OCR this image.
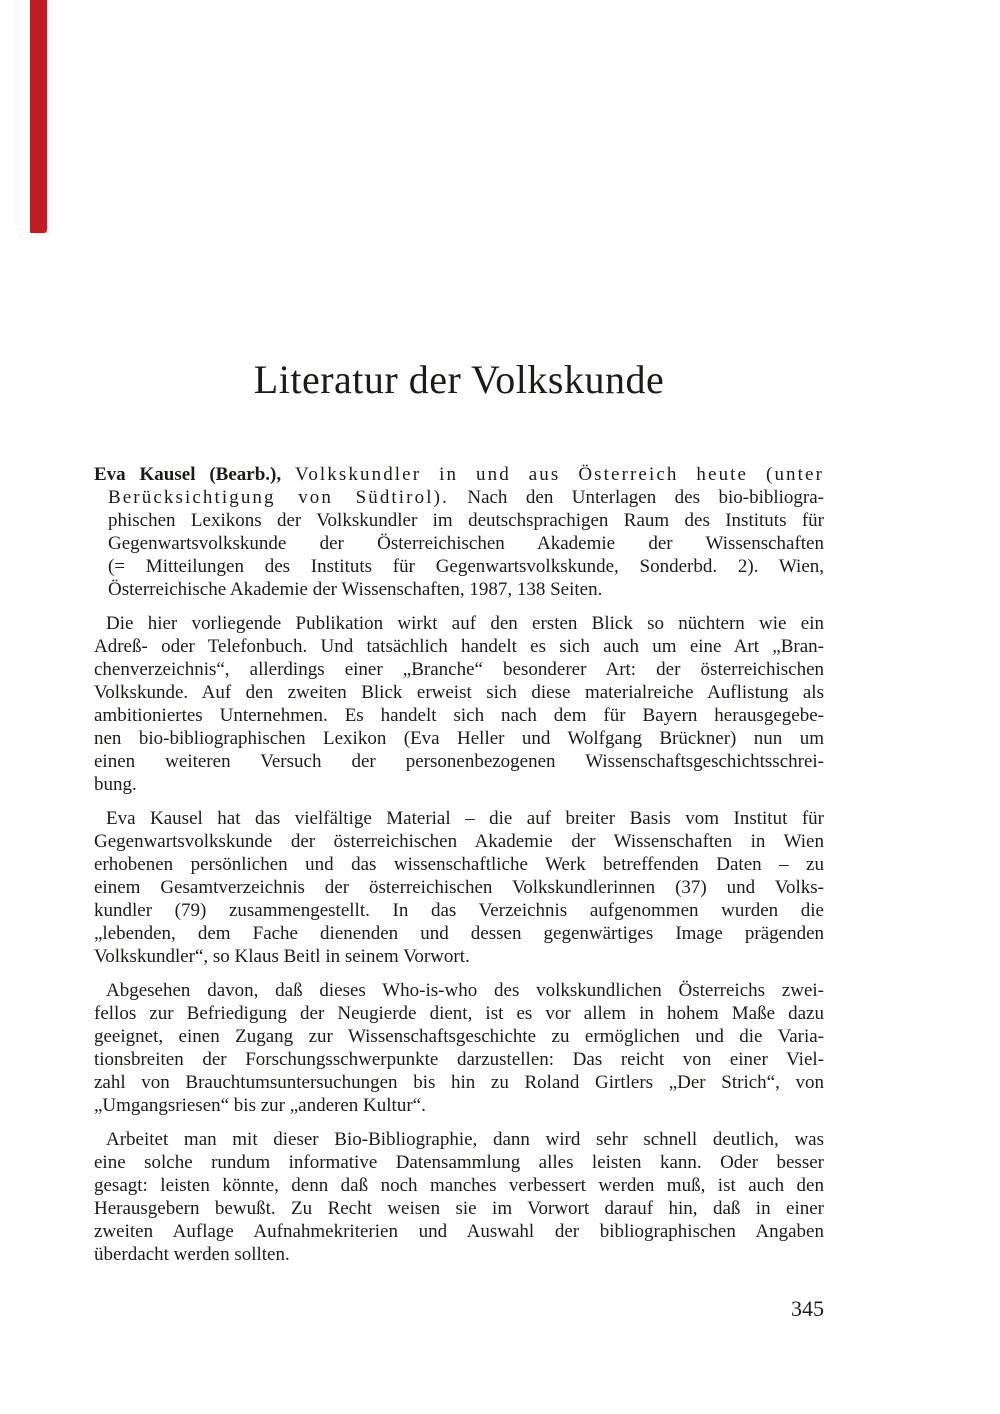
Literatur der Volkskunde
Eva Kausel (Bearb.), Volkskundler in und aus Österreich heute (unter
Berücksichtigung von Südtirol). Nach den Unterlagen des bio-bibliogra-
phischen Lexikons der Volkskundler im deutschsprachigen Raum des Instituts für
Gegenwartsvolkskunde der Österreichischen Akademie der Wissenschaften
(= Mitteilungen des Instituts für Gegenwartsvolkskunde, Sonderbd. 2). Wien,
Österreichische Akademie der Wissenschaften, 1987, 138 Seiten.
Die hier vorliegende Publikation wirkt auf den ersten Blick so nüchtern wie ein
Adreß- oder Telefonbuch. Und tatsächlich handelt es sich auch um eine Art „Bran-
chenverzeichnis“, allerdings einer „Branche“ besonderer Art: der österreichischen
Volkskunde. Auf den zweiten Blick erweist sich diese materialreiche Auflistung als
ambitioniertes Unternehmen. Es handelt sich nach dem für Bayern herausgegebe-
nen bio-bibliographischen Lexikon (Eva Heller und Wolfgang Brückner) nun um
einen weiteren Versuch der personenbezogenen Wissenschaftsgeschichtsschrei-
bung.
Eva Kausel hat das vielfältige Material – die auf breiter Basis vom Institut für
Gegenwartsvolkskunde der österreichischen Akademie der Wissenschaften in Wien
erhobenen persönlichen und das wissenschaftliche Werk betreffenden Daten – zu
einem Gesamtverzeichnis der österreichischen Volkskundlerinnen (37) und Volks-
kundler (79) zusammengestellt. In das Verzeichnis aufgenommen wurden die
„lebenden, dem Fache dienenden und dessen gegenwärtiges Image prägenden
Volkskundler“, so Klaus Beitl in seinem Vorwort.
Abgesehen davon, daß dieses Who-is-who des volkskundlichen Österreichs zwei-
fellos zur Befriedigung der Neugierde dient, ist es vor allem in hohem Maße dazu
geeignet, einen Zugang zur Wissenschaftsgeschichte zu ermöglichen und die Varia-
tionsbreiten der Forschungsschwerpunkte darzustellen: Das reicht von einer Viel-
zahl von Brauchtumsuntersuchungen bis hin zu Roland Girtlers „Der Strich“, von
„Umgangsriesen“ bis zur „anderen Kultur“.
Arbeitet man mit dieser Bio-Bibliographie, dann wird sehr schnell deutlich, was
eine solche rundum informative Datensammlung alles leisten kann. Oder besser
gesagt: leisten könnte, denn daß noch manches verbessert werden muß, ist auch den
Herausgebern bewußt. Zu Recht weisen sie im Vorwort darauf hin, daß in einer
zweiten Auflage Aufnahmekriterien und Auswahl der bibliographischen Angaben
überdacht werden sollten.
345
